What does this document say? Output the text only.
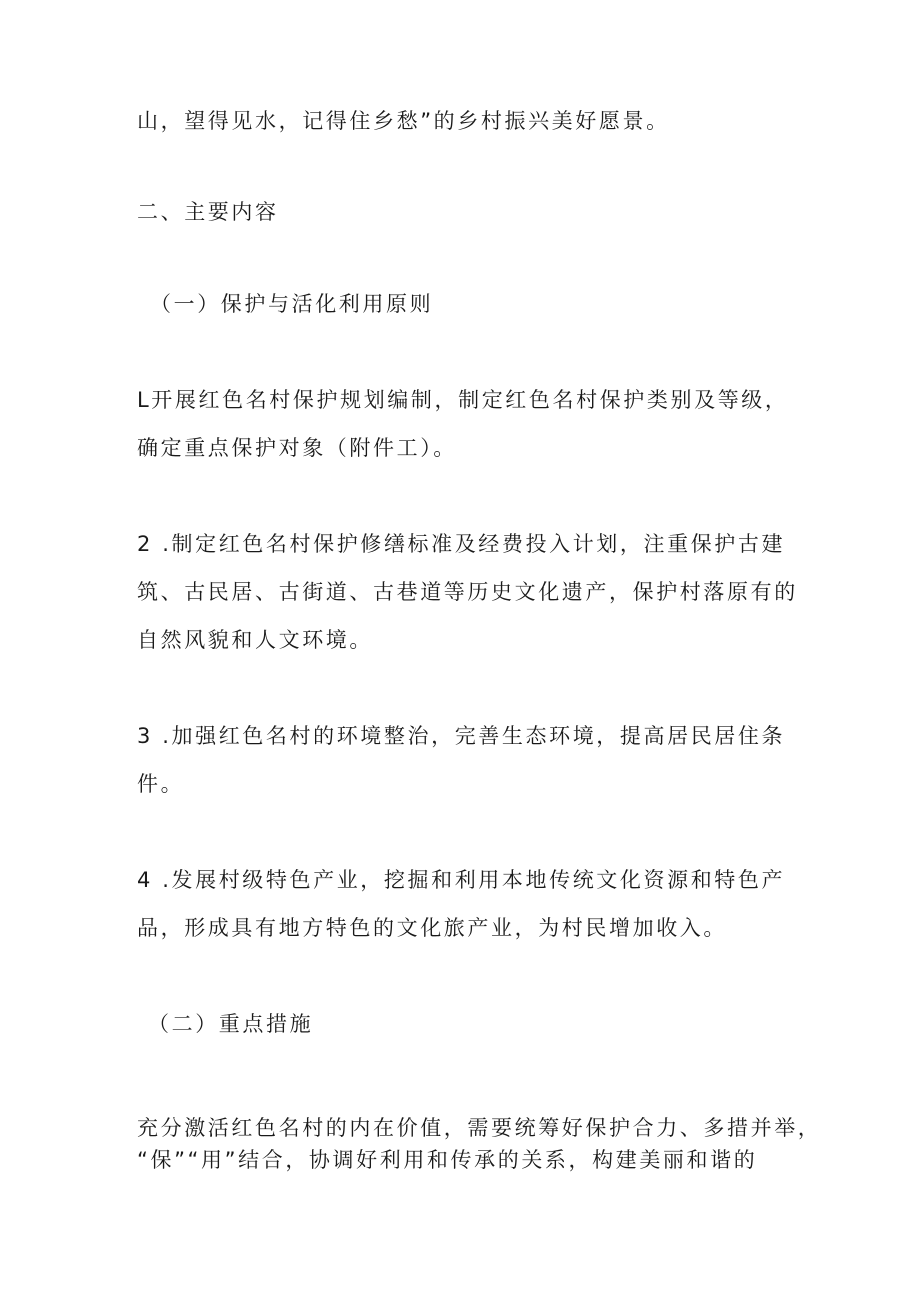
山，望得见水，记得住乡愁”的乡村振兴美好愿景。
二、主要内容
（一）保护与活化利用原则
L开展红色名村保护规划编制，制定红色名村保护类别及等级，
确定重点保护对象（附件工）。
2 .制定红色名村保护修缮标准及经费投入计划，注重保护古建
筑、古民居、古街道、古巷道等历史文化遗产，保护村落原有的
自然风貌和人文环境。
3 .加强红色名村的环境整治，完善生态环境，提高居民居住条
件。
4 .发展村级特色产业，挖掘和利用本地传统文化资源和特色产
品，形成具有地方特色的文化旅产业，为村民增加收入。
（二）重点措施
充分激活红色名村的内在价值，需要统筹好保护合力、多措并举，
“保”“用”结合，协调好利用和传承的关系，构建美丽和谐的
